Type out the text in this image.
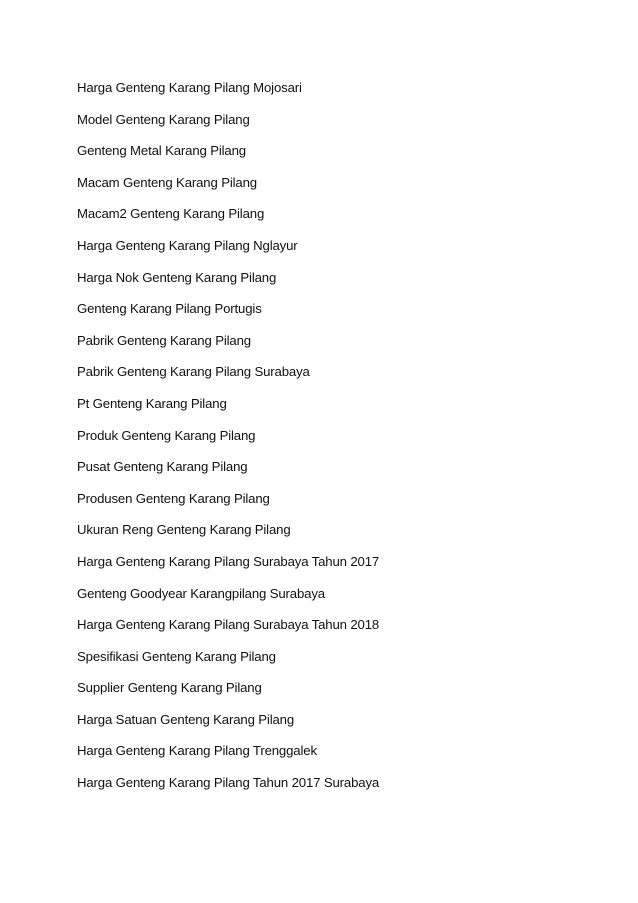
Harga Genteng Karang Pilang Mojosari
Model Genteng Karang Pilang
Genteng Metal Karang Pilang
Macam Genteng Karang Pilang
Macam2 Genteng Karang Pilang
Harga Genteng Karang Pilang Nglayur
Harga Nok Genteng Karang Pilang
Genteng Karang Pilang Portugis
Pabrik Genteng Karang Pilang
Pabrik Genteng Karang Pilang Surabaya
Pt Genteng Karang Pilang
Produk Genteng Karang Pilang
Pusat Genteng Karang Pilang
Produsen Genteng Karang Pilang
Ukuran Reng Genteng Karang Pilang
Harga Genteng Karang Pilang Surabaya Tahun 2017
Genteng Goodyear Karangpilang Surabaya
Harga Genteng Karang Pilang Surabaya Tahun 2018
Spesifikasi Genteng Karang Pilang
Supplier Genteng Karang Pilang
Harga Satuan Genteng Karang Pilang
Harga Genteng Karang Pilang Trenggalek
Harga Genteng Karang Pilang Tahun 2017 Surabaya
